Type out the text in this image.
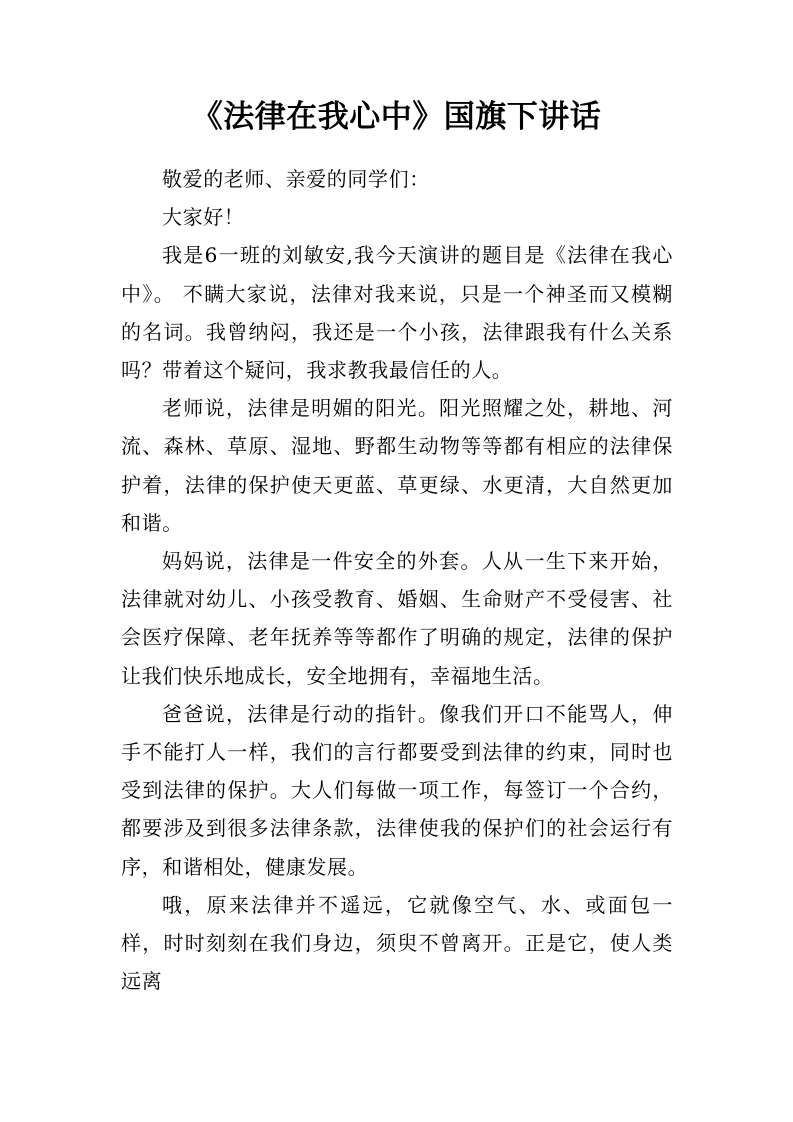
《法律在我心中》国旗下讲话

敬爱的老师、亲爱的同学们：

大家好！

我是6一班的刘敏安,我今天演讲的题目是《法律在我心中》。 不瞒大家说，法律对我来说，只是一个神圣而又模糊的名词。我曾纳闷，我还是一个小孩，法律跟我有什么关系吗？带着这个疑问，我求教我最信任的人。

老师说，法律是明媚的阳光。阳光照耀之处，耕地、河流、森林、草原、湿地、野都生动物等等都有相应的法律保护着，法律的保护使天更蓝、草更绿、水更清，大自然更加和谐。

妈妈说，法律是一件安全的外套。人从一生下来开始，法律就对幼儿、小孩受教育、婚姻、生命财产不受侵害、社会医疗保障、老年抚养等等都作了明确的规定，法律的保护让我们快乐地成长，安全地拥有，幸福地生活。

爸爸说，法律是行动的指针。像我们开口不能骂人，伸手不能打人一样，我们的言行都要受到法律的约束，同时也受到法律的保护。大人们每做一项工作，每签订一个合约，都要涉及到很多法律条款，法律使我的保护们的社会运行有序，和谐相处，健康发展。

哦，原来法律并不遥远，它就像空气、水、或面包一样，时时刻刻在我们身边，须臾不曾离开。正是它，使人类远离
